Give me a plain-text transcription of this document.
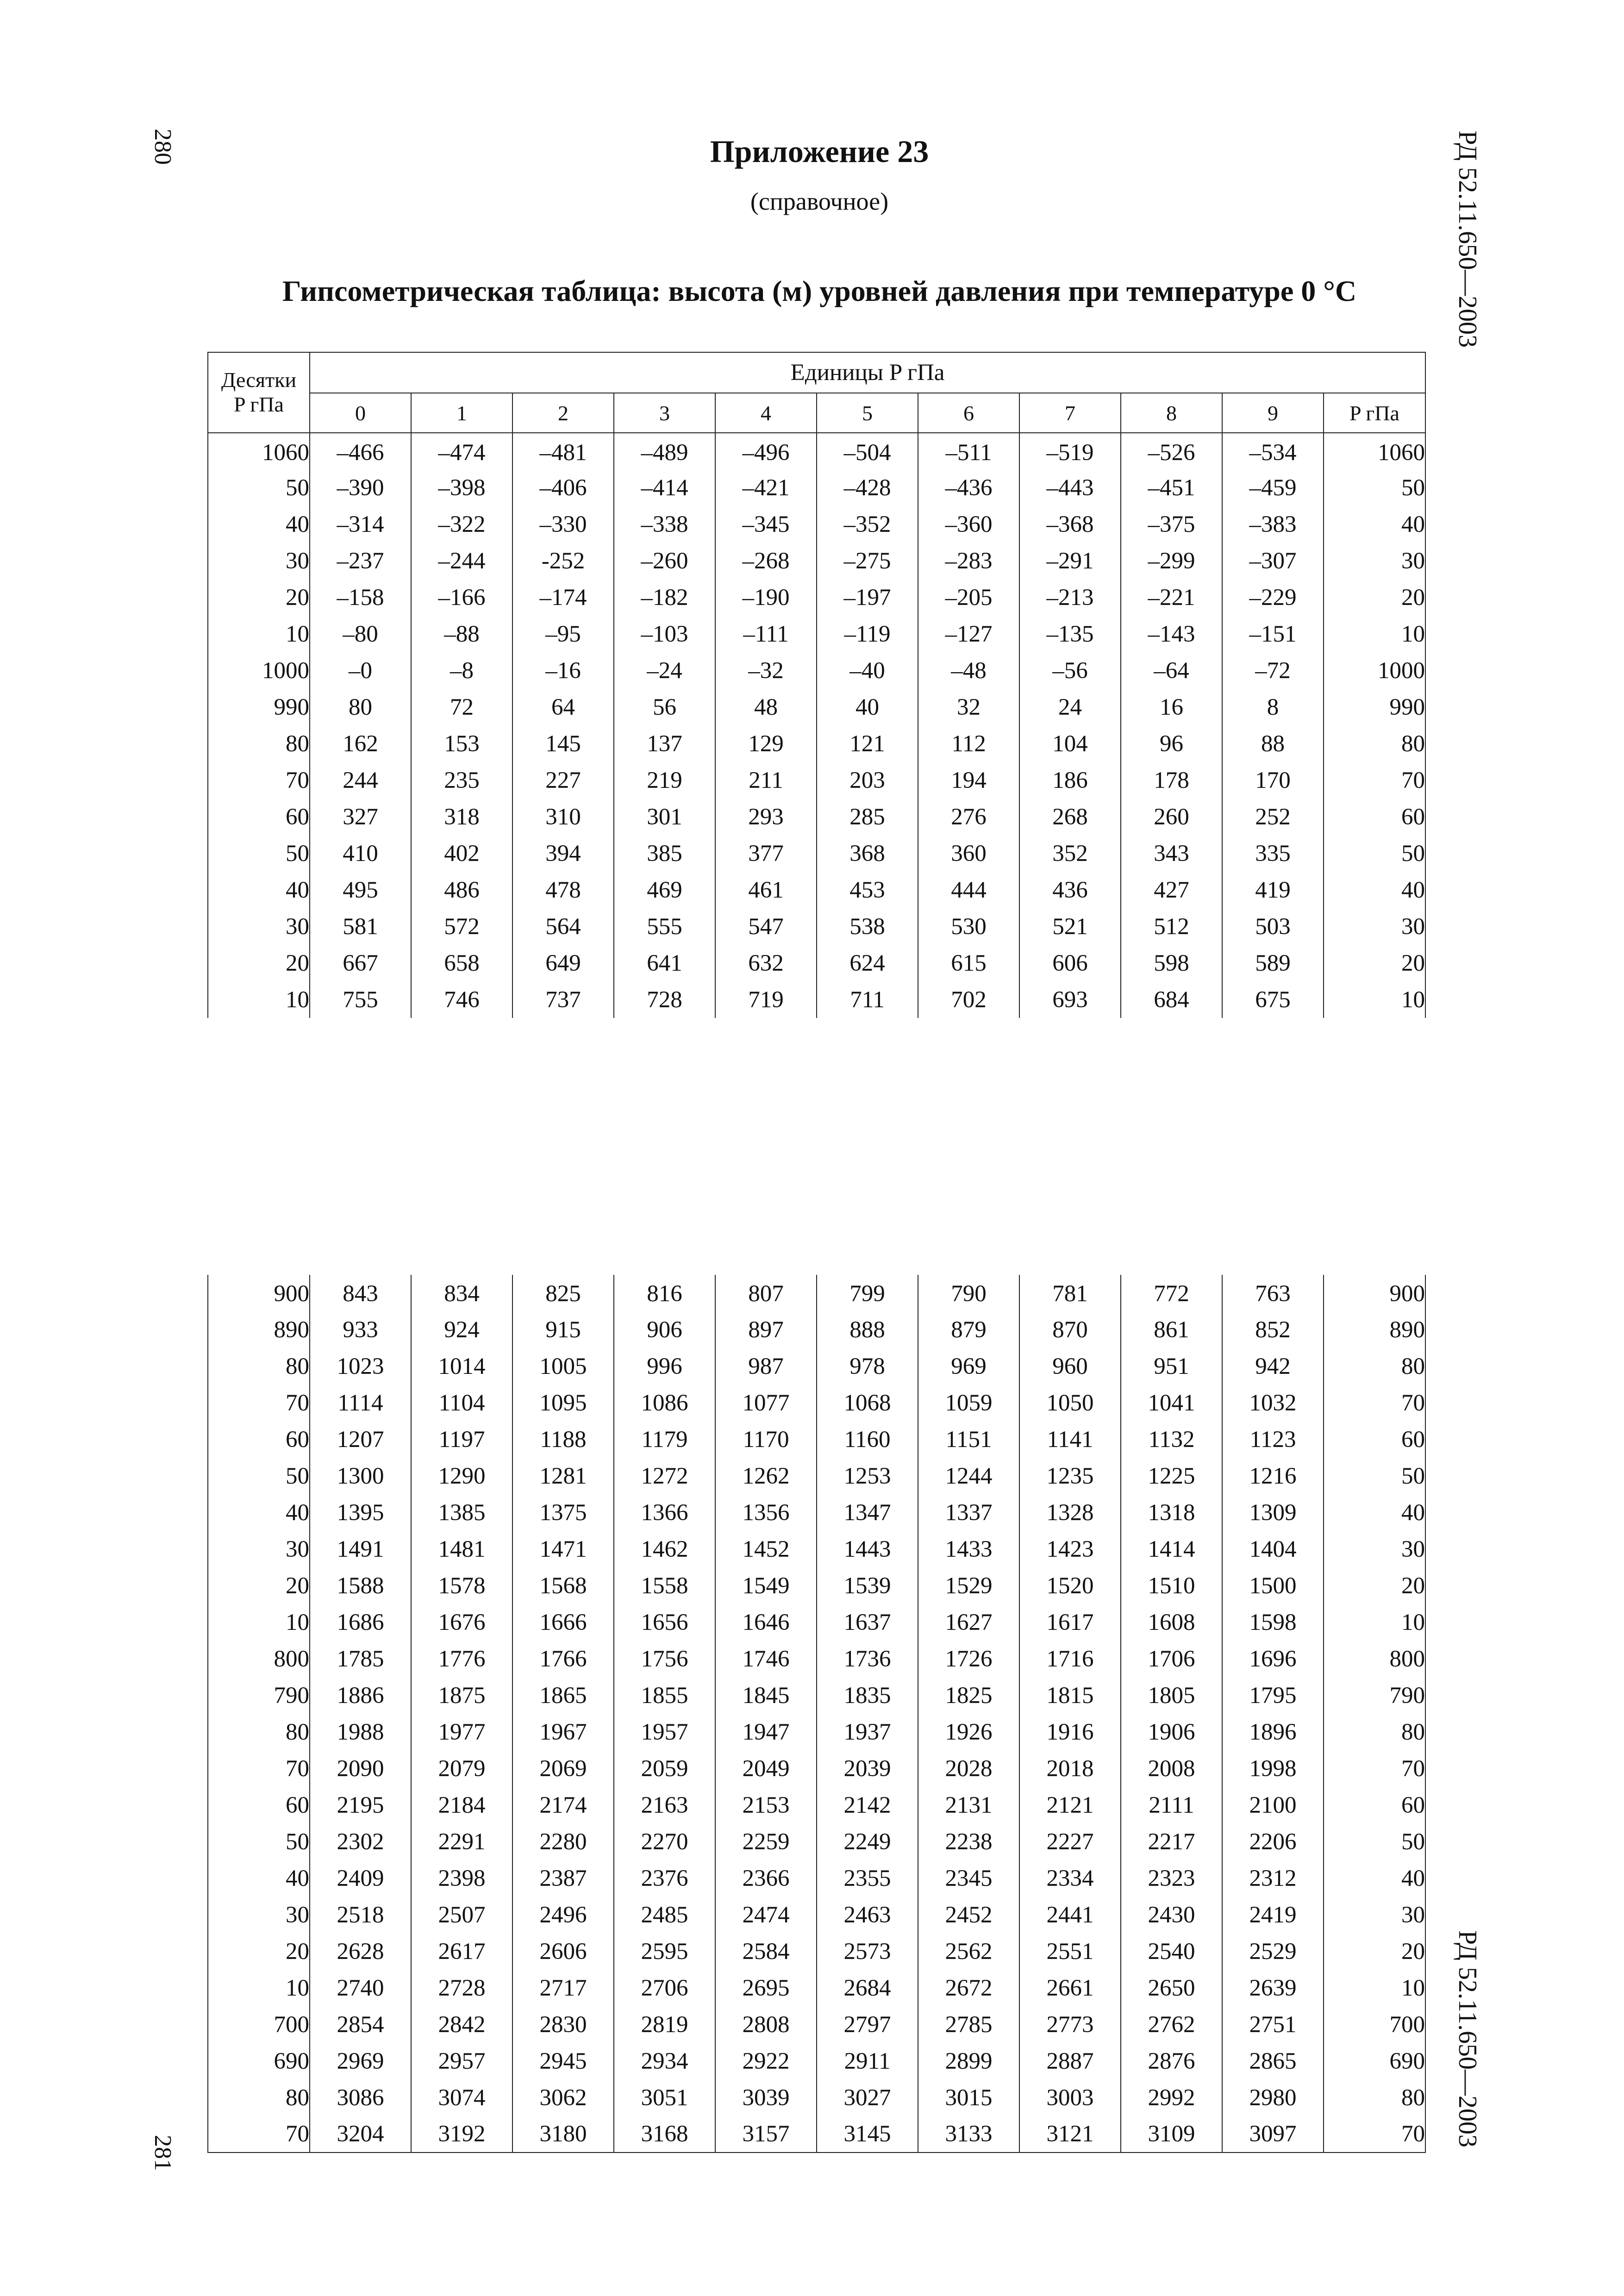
280
281
РД 52.11.650—2003
РД 52.11.650—2003
Приложение 23
(справочное)
Гипсометрическая таблица: высота (м) уровней давления при температуре 0 °С
Десятки
P гПа	Единицы P гПа										
	0	1	2	3	4	5	6	7	8	9	P гПа
1060	–466	–474	–481	–489	–496	–504	–511	–519	–526	–534	1060
50	–390	–398	–406	–414	–421	–428	–436	–443	–451	–459	50
40	–314	–322	–330	–338	–345	–352	–360	–368	–375	–383	40
30	–237	–244	-252	–260	–268	–275	–283	–291	–299	–307	30
20	–158	–166	–174	–182	–190	–197	–205	–213	–221	–229	20
10	–80	–88	–95	–103	–111	–119	–127	–135	–143	–151	10
1000	–0	–8	–16	–24	–32	–40	–48	–56	–64	–72	1000
990	80	72	64	56	48	40	32	24	16	8	990
80	162	153	145	137	129	121	112	104	96	88	80
70	244	235	227	219	211	203	194	186	178	170	70
60	327	318	310	301	293	285	276	268	260	252	60
50	410	402	394	385	377	368	360	352	343	335	50
40	495	486	478	469	461	453	444	436	427	419	40
30	581	572	564	555	547	538	530	521	512	503	30
20	667	658	649	641	632	624	615	606	598	589	20
10	755	746	737	728	719	711	702	693	684	675	10
900	843	834	825	816	807	799	790	781	772	763	900
890	933	924	915	906	897	888	879	870	861	852	890
80	1023	1014	1005	996	987	978	969	960	951	942	80
70	1114	1104	1095	1086	1077	1068	1059	1050	1041	1032	70
60	1207	1197	1188	1179	1170	1160	1151	1141	1132	1123	60
50	1300	1290	1281	1272	1262	1253	1244	1235	1225	1216	50
40	1395	1385	1375	1366	1356	1347	1337	1328	1318	1309	40
30	1491	1481	1471	1462	1452	1443	1433	1423	1414	1404	30
20	1588	1578	1568	1558	1549	1539	1529	1520	1510	1500	20
10	1686	1676	1666	1656	1646	1637	1627	1617	1608	1598	10
800	1785	1776	1766	1756	1746	1736	1726	1716	1706	1696	800
790	1886	1875	1865	1855	1845	1835	1825	1815	1805	1795	790
80	1988	1977	1967	1957	1947	1937	1926	1916	1906	1896	80
70	2090	2079	2069	2059	2049	2039	2028	2018	2008	1998	70
60	2195	2184	2174	2163	2153	2142	2131	2121	2111	2100	60
50	2302	2291	2280	2270	2259	2249	2238	2227	2217	2206	50
40	2409	2398	2387	2376	2366	2355	2345	2334	2323	2312	40
30	2518	2507	2496	2485	2474	2463	2452	2441	2430	2419	30
20	2628	2617	2606	2595	2584	2573	2562	2551	2540	2529	20
10	2740	2728	2717	2706	2695	2684	2672	2661	2650	2639	10
700	2854	2842	2830	2819	2808	2797	2785	2773	2762	2751	700
690	2969	2957	2945	2934	2922	2911	2899	2887	2876	2865	690
80	3086	3074	3062	3051	3039	3027	3015	3003	2992	2980	80
70	3204	3192	3180	3168	3157	3145	3133	3121	3109	3097	70
